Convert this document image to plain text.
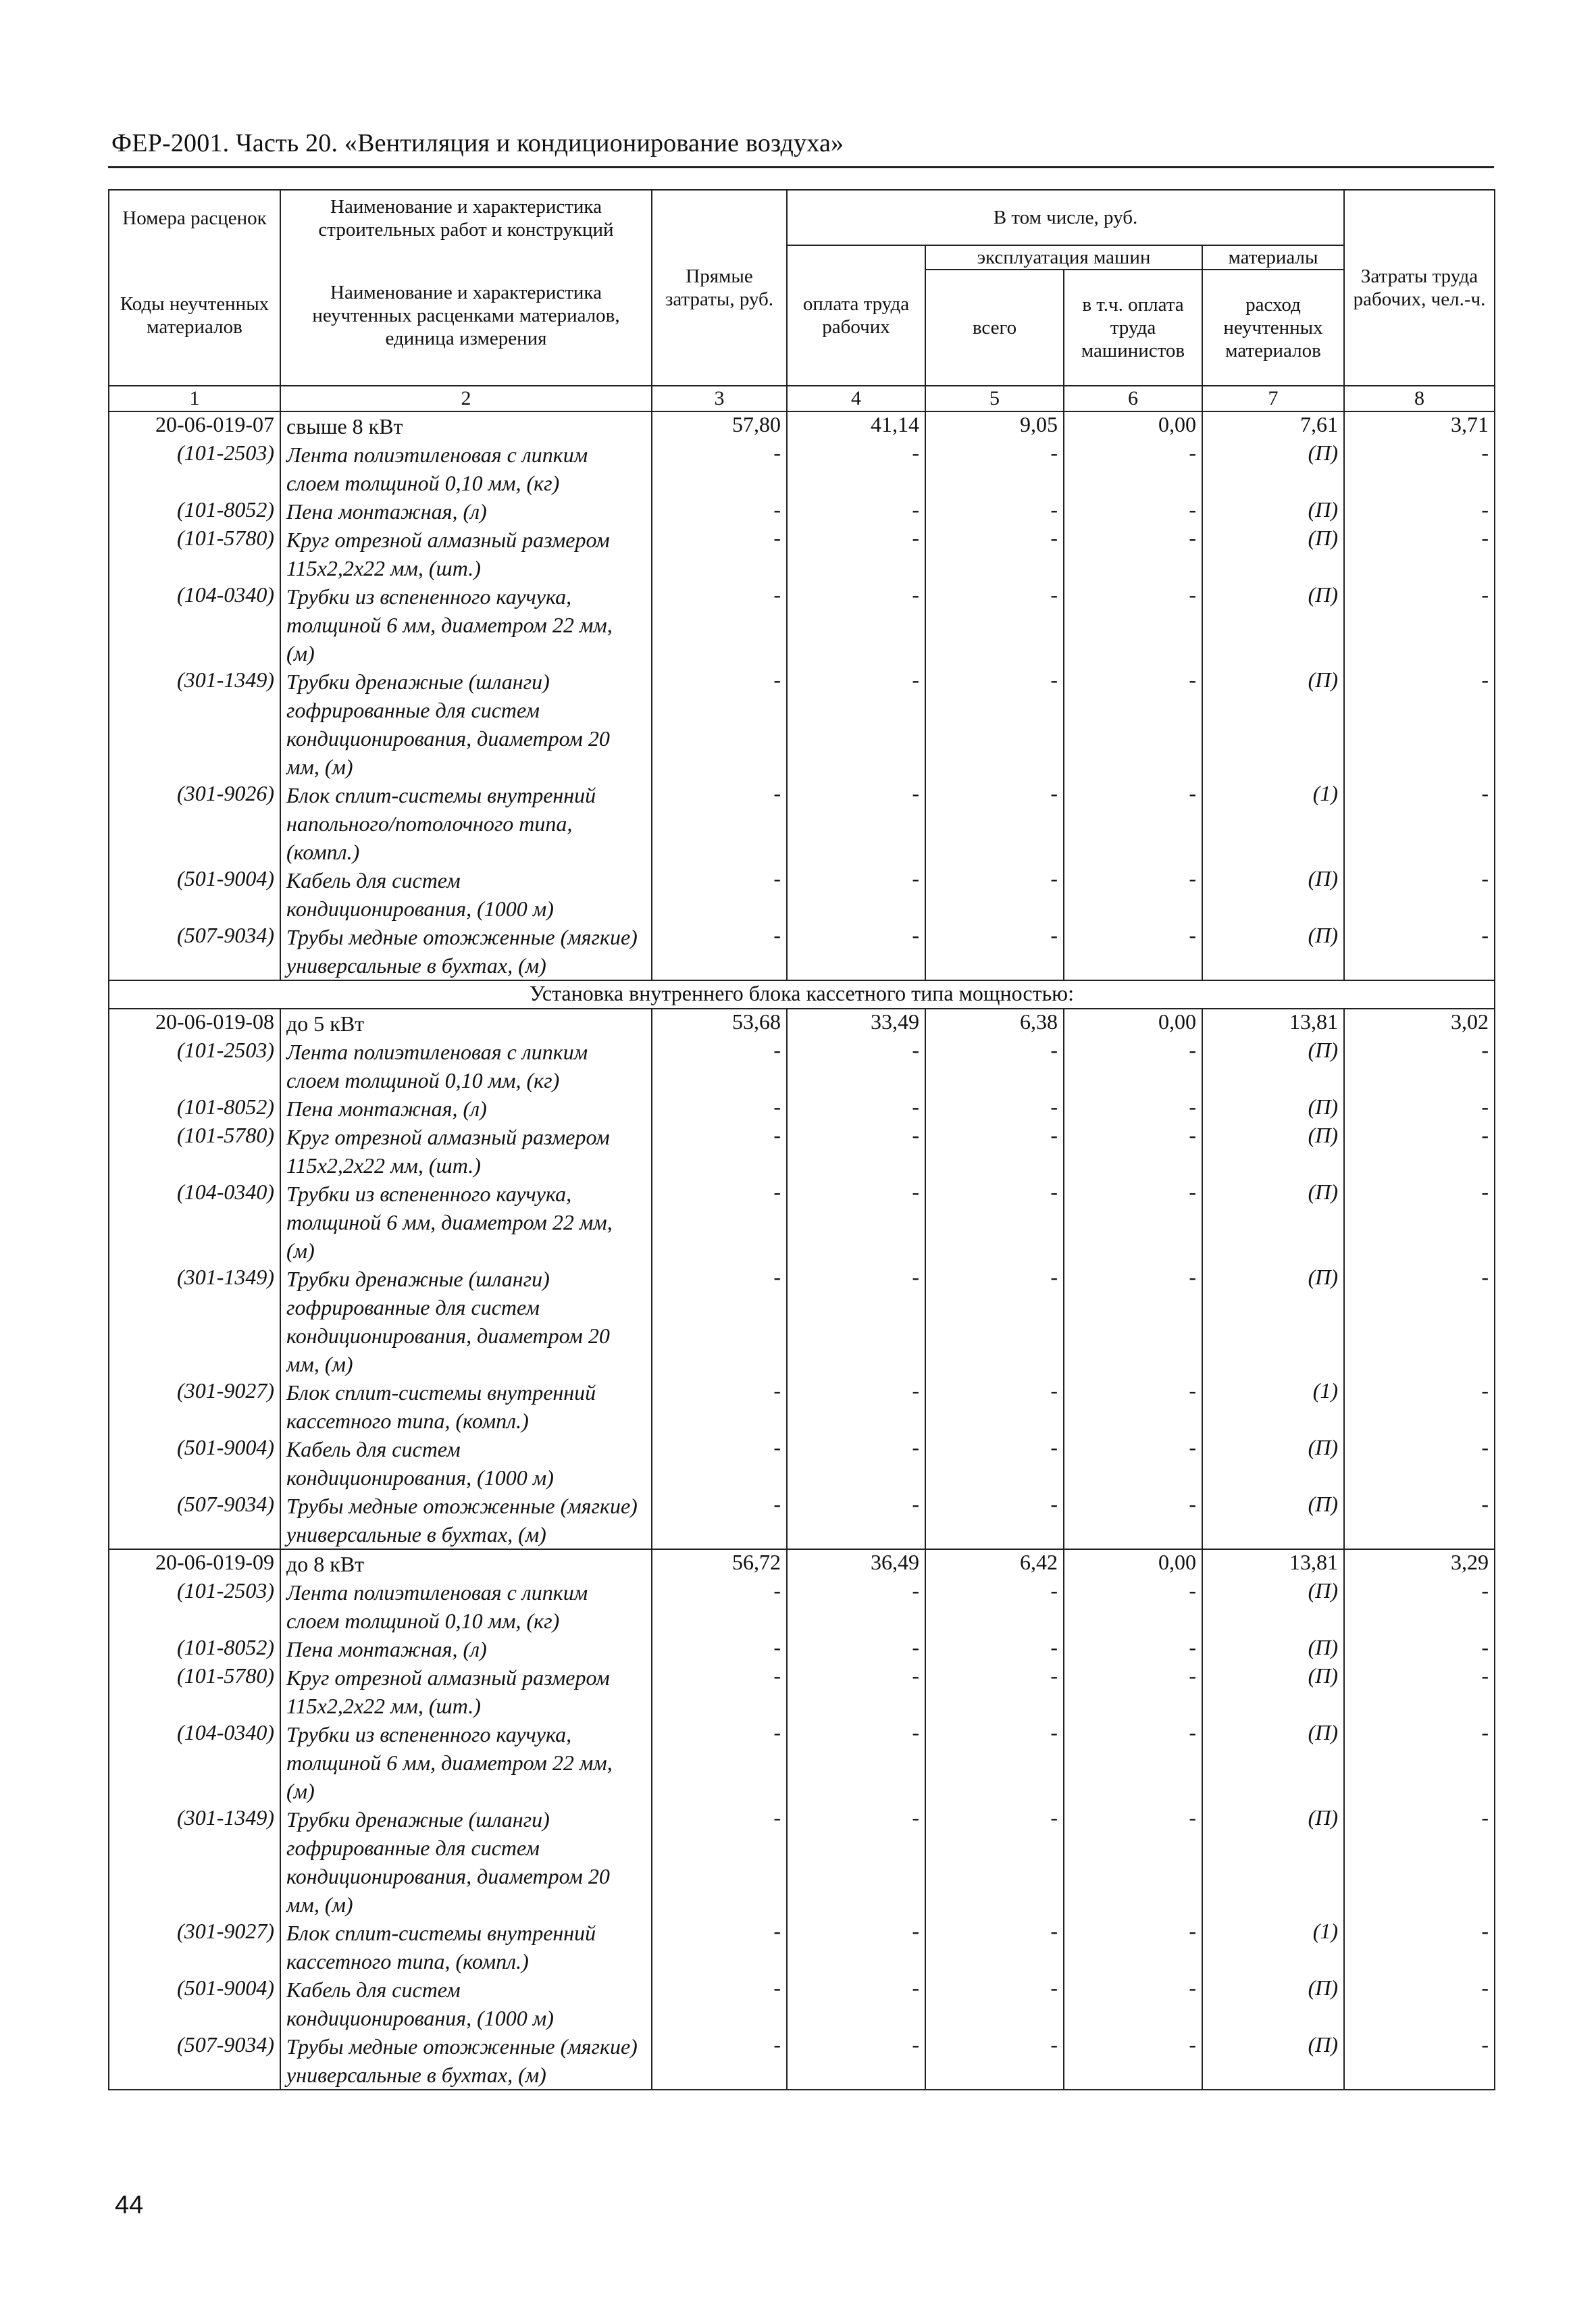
ФЕР-2001. Часть 20. «Вентиляция и кондиционирование воздуха»
Номера расценок	Наименование и характеристика строительных работ и конструкций	Прямые затраты, руб.	В том числе, руб.				Затраты труда рабочих, чел.-ч.
Коды неучтенных материалов	Наименование и характеристика неучтенных расценками материалов, единица измерения		оплата труда рабочих	эксплуатация машин		материалы	
				всего	в т.ч. оплата труда машинистов	расход неучтенных материалов	
1	2	3	4	5	6	7	8
20-06-019-07	свыше 8 кВт	57,80	41,14	9,05	0,00	7,61	3,71
(101-2503)	Лента полиэтиленовая с липким слоем толщиной 0,10 мм, (кг)	-	-	-	-	(П)	-
(101-8052)	Пена монтажная, (л)	-	-	-	-	(П)	-
(101-5780)	Круг отрезной алмазный размером 115х2,2х22 мм, (шт.)	-	-	-	-	(П)	-
(104-0340)	Трубки из вспененного каучука, толщиной 6 мм, диаметром 22 мм, (м)	-	-	-	-	(П)	-
(301-1349)	Трубки дренажные (шланги) гофрированные для систем кондиционирования, диаметром 20 мм, (м)	-	-	-	-	(П)	-
(301-9026)	Блок сплит-системы внутренний напольного/потолочного типа, (компл.)	-	-	-	-	(1)	-
(501-9004)	Кабель для систем кондиционирования, (1000 м)	-	-	-	-	(П)	-
(507-9034)	Трубы медные отожженные (мягкие) универсальные в бухтах, (м)	-	-	-	-	(П)	-
Установка внутреннего блока кассетного типа мощностью:							
20-06-019-08	до 5 кВт	53,68	33,49	6,38	0,00	13,81	3,02
(101-2503)	Лента полиэтиленовая с липким слоем толщиной 0,10 мм, (кг)	-	-	-	-	(П)	-
(101-8052)	Пена монтажная, (л)	-	-	-	-	(П)	-
(101-5780)	Круг отрезной алмазный размером 115х2,2х22 мм, (шт.)	-	-	-	-	(П)	-
(104-0340)	Трубки из вспененного каучука, толщиной 6 мм, диаметром 22 мм, (м)	-	-	-	-	(П)	-
(301-1349)	Трубки дренажные (шланги) гофрированные для систем кондиционирования, диаметром 20 мм, (м)	-	-	-	-	(П)	-
(301-9027)	Блок сплит-системы внутренний кассетного типа, (компл.)	-	-	-	-	(1)	-
(501-9004)	Кабель для систем кондиционирования, (1000 м)	-	-	-	-	(П)	-
(507-9034)	Трубы медные отожженные (мягкие) универсальные в бухтах, (м)	-	-	-	-	(П)	-
20-06-019-09	до 8 кВт	56,72	36,49	6,42	0,00	13,81	3,29
(101-2503)	Лента полиэтиленовая с липким слоем толщиной 0,10 мм, (кг)	-	-	-	-	(П)	-
(101-8052)	Пена монтажная, (л)	-	-	-	-	(П)	-
(101-5780)	Круг отрезной алмазный размером 115х2,2х22 мм, (шт.)	-	-	-	-	(П)	-
(104-0340)	Трубки из вспененного каучука, толщиной 6 мм, диаметром 22 мм, (м)	-	-	-	-	(П)	-
(301-1349)	Трубки дренажные (шланги) гофрированные для систем кондиционирования, диаметром 20 мм, (м)	-	-	-	-	(П)	-
(301-9027)	Блок сплит-системы внутренний кассетного типа, (компл.)	-	-	-	-	(1)	-
(501-9004)	Кабель для систем кондиционирования, (1000 м)	-	-	-	-	(П)	-
(507-9034)	Трубы медные отожженные (мягкие) универсальные в бухтах, (м)	-	-	-	-	(П)	-
44
